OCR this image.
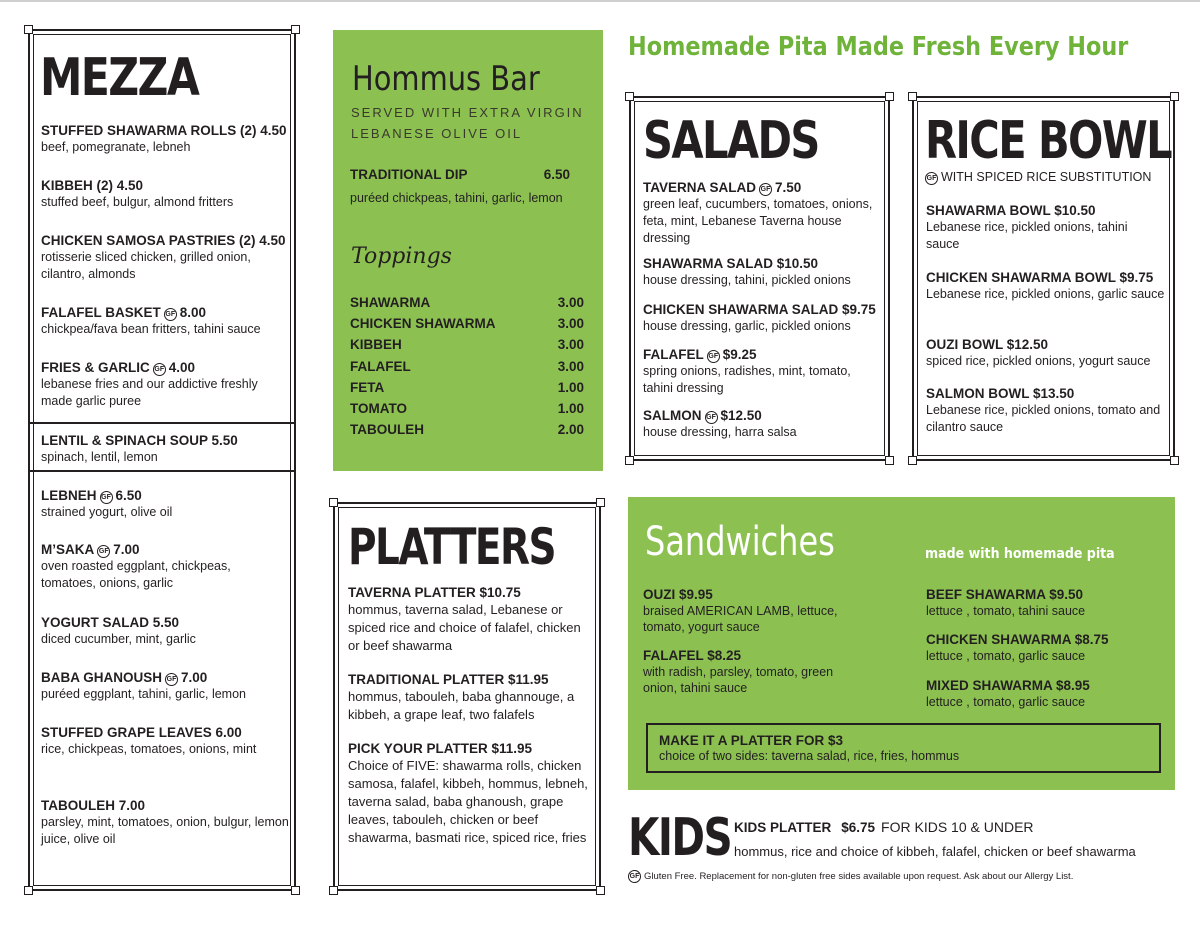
MEZZA
STUFFED SHAWARMA ROLLS (2) 4.50
beef, pomegranate, lebneh
KIBBEH (2) 4.50
stuffed beef, bulgur, almond fritters
CHICKEN SAMOSA PASTRIES (2) 4.50
rotisserie sliced chicken, grilled onion, cilantro, almonds
FALAFEL BASKET GF 8.00
chickpea/fava bean fritters, tahini sauce
FRIES & GARLIC GF 4.00
lebanese fries and our addictive freshly made garlic puree
LENTIL & SPINACH SOUP 5.50
spinach, lentil, lemon
LEBNEH GF 6.50
strained yogurt, olive oil
M’SAKA GF 7.00
oven roasted eggplant, chickpeas, tomatoes, onions, garlic
YOGURT SALAD 5.50
diced cucumber, mint, garlic
BABA GHANOUSH GF 7.00
puréed eggplant, tahini, garlic, lemon
STUFFED GRAPE LEAVES 6.00
rice, chickpeas, tomatoes, onions, mint
TABOULEH 7.00
parsley, mint, tomatoes, onion, bulgur, lemon juice, olive oil
Hommus Bar
SERVED WITH EXTRA VIRGIN
LEBANESE OLIVE OIL
TRADITIONAL DIP	6.50
puréed chickpeas, tahini, garlic, lemon
Toppings
SHAWARMA	3.00
CHICKEN SHAWARMA	3.00
KIBBEH	3.00
FALAFEL	3.00
FETA	1.00
TOMATO	1.00
TABOULEH	2.00
PLATTERS
TAVERNA PLATTER $10.75
hommus, taverna salad, Lebanese or spiced rice and choice of falafel, chicken or beef shawarma
TRADITIONAL PLATTER $11.95
hommus, tabouleh, baba ghannouge, a kibbeh, a grape leaf, two falafels
PICK YOUR PLATTER $11.95
Choice of FIVE: shawarma rolls, chicken samosa, falafel, kibbeh, hommus, lebneh, taverna salad, baba ghanoush, grape leaves, tabouleh, chicken or beef shawarma, basmati rice, spiced rice, fries
Homemade Pita Made Fresh Every Hour
SALADS
TAVERNA SALAD GF 7.50
green leaf, cucumbers, tomatoes, onions, feta, mint, Lebanese Taverna house dressing
SHAWARMA SALAD $10.50
house dressing, tahini, pickled onions
CHICKEN SHAWARMA SALAD $9.75
house dressing, garlic, pickled onions
FALAFEL GF $9.25
spring onions, radishes, mint, tomato, tahini dressing
SALMON GF $12.50
house dressing, harra salsa
RICE BOWL
GF WITH SPICED RICE SUBSTITUTION
SHAWARMA BOWL $10.50
Lebanese rice, pickled onions, tahini sauce
CHICKEN SHAWARMA BOWL $9.75
Lebanese rice, pickled onions, garlic sauce
OUZI BOWL $12.50
spiced rice, pickled onions, yogurt sauce
SALMON BOWL $13.50
Lebanese rice, pickled onions, tomato and cilantro sauce
Sandwiches	made with homemade pita
OUZI $9.95
braised AMERICAN LAMB, lettuce, tomato, yogurt sauce
FALAFEL $8.25
with radish, parsley, tomato, green onion, tahini sauce
BEEF SHAWARMA $9.50
lettuce , tomato, tahini sauce
CHICKEN SHAWARMA $8.75
lettuce , tomato, garlic sauce
MIXED SHAWARMA $8.95
lettuce , tomato, garlic sauce
MAKE IT A PLATTER FOR $3
choice of two sides: taverna salad, rice, fries, hommus
KIDS KIDS PLATTER $6.75 FOR KIDS 10 & UNDER
hommus, rice and choice of kibbeh, falafel, chicken or beef shawarma
GF Gluten Free. Replacement for non-gluten free sides available upon request. Ask about our Allergy List.
